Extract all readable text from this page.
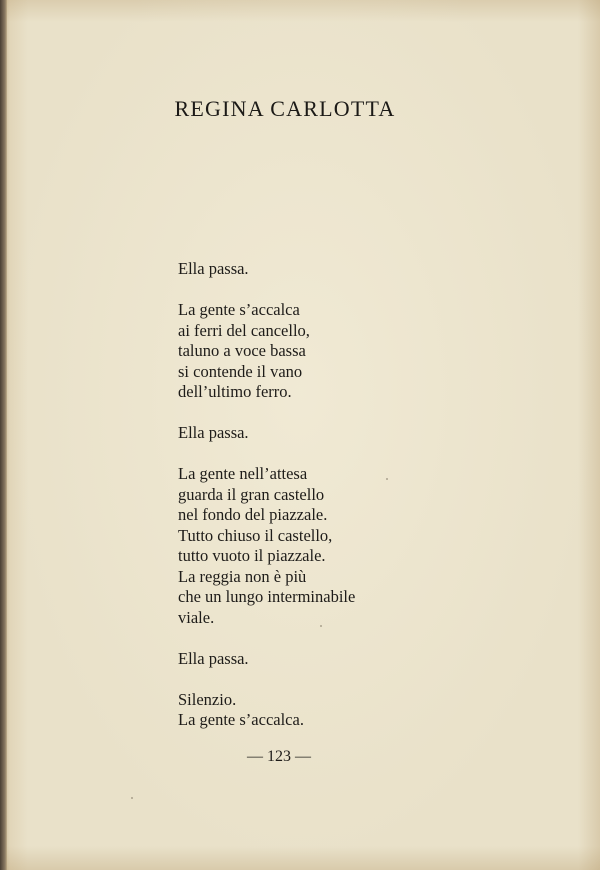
REGINA CARLOTTA
Ella passa.
La gente s’accalca
ai ferri del cancello,
taluno a voce bassa
si contende il vano
dell’ultimo ferro.
Ella passa.
La gente nell’attesa
guarda il gran castello
nel fondo del piazzale.
Tutto chiuso il castello,
tutto vuoto il piazzale.
La reggia non è più
che un lungo interminabile
viale.
Ella passa.
Silenzio.
La gente s’accalca.
— 123 —
